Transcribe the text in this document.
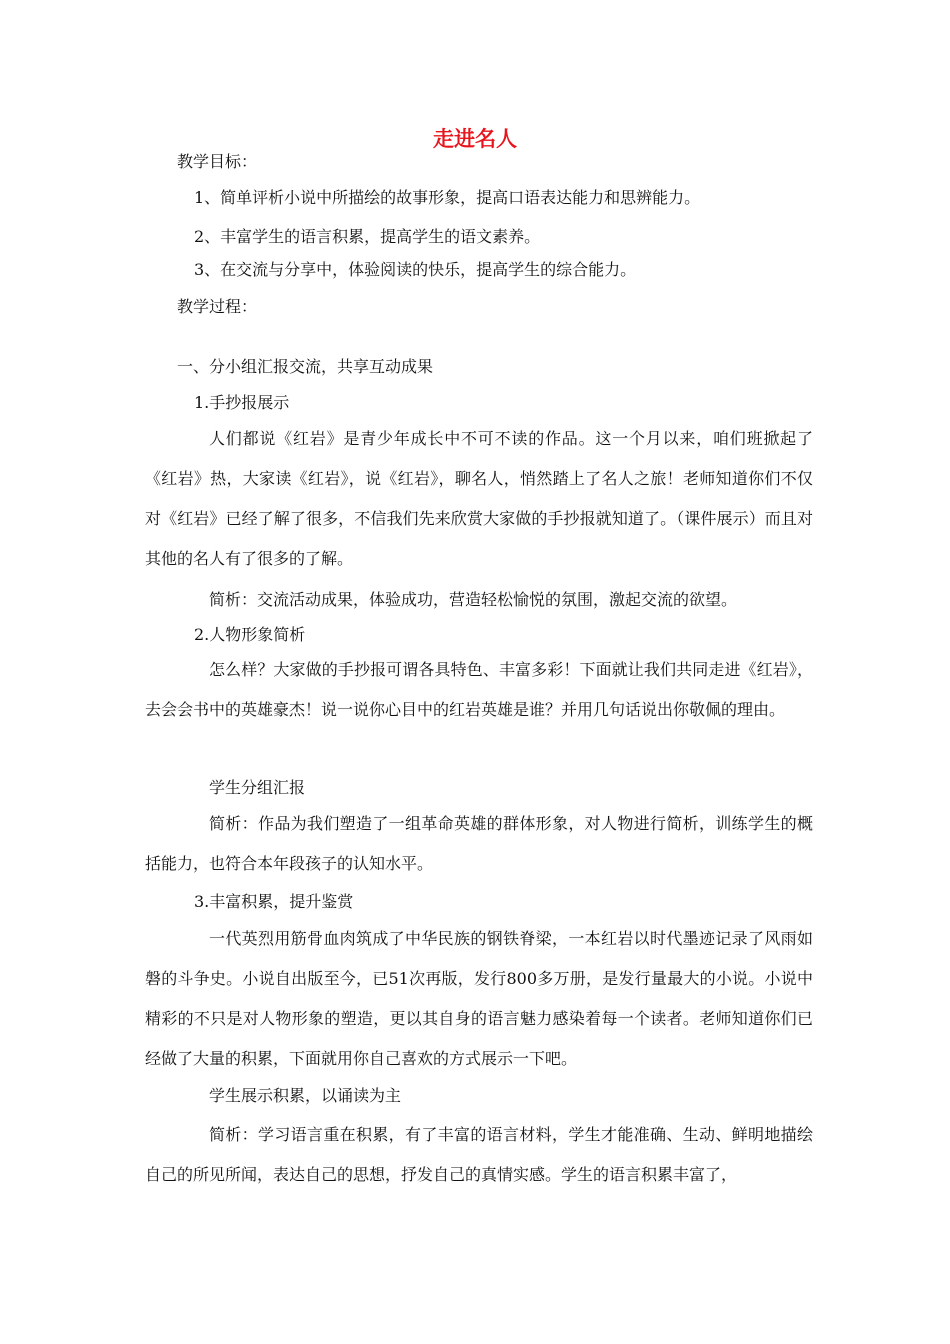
走进名人
教学目标：
1、简单评析小说中所描绘的故事形象，提高口语表达能力和思辨能力。
2、丰富学生的语言积累，提高学生的语文素养。
3、在交流与分享中，体验阅读的快乐，提高学生的综合能力。
教学过程：
一、分小组汇报交流，共享互动成果
1.手抄报展示
人们都说《红岩》是青少年成长中不可不读的作品。这一个月以来，咱们班掀起了《红岩》热，大家读《红岩》，说《红岩》，聊名人，悄然踏上了名人之旅！老师知道你们不仅对《红岩》已经了解了很多，不信我们先来欣赏大家做的手抄报就知道了。（课件展示）而且对其他的名人有了很多的了解。
简析：交流活动成果，体验成功，营造轻松愉悦的氛围，激起交流的欲望。
2.人物形象简析
怎么样？大家做的手抄报可谓各具特色、丰富多彩！下面就让我们共同走进《红岩》，去会会书中的英雄豪杰！说一说你心目中的红岩英雄是谁？并用几句话说出你敬佩的理由。
学生分组汇报
简析：作品为我们塑造了一组革命英雄的群体形象，对人物进行简析，训练学生的概括能力，也符合本年段孩子的认知水平。
3.丰富积累，提升鉴赏
一代英烈用筋骨血肉筑成了中华民族的钢铁脊梁，一本红岩以时代墨迹记录了风雨如磐的斗争史。小说自出版至今，已51次再版，发行800多万册，是发行量最大的小说。小说中精彩的不只是对人物形象的塑造，更以其自身的语言魅力感染着每一个读者。老师知道你们已经做了大量的积累，下面就用你自己喜欢的方式展示一下吧。
学生展示积累，以诵读为主
简析：学习语言重在积累，有了丰富的语言材料，学生才能准确、生动、鲜明地描绘自己的所见所闻，表达自己的思想，抒发自己的真情实感。学生的语言积累丰富了，
